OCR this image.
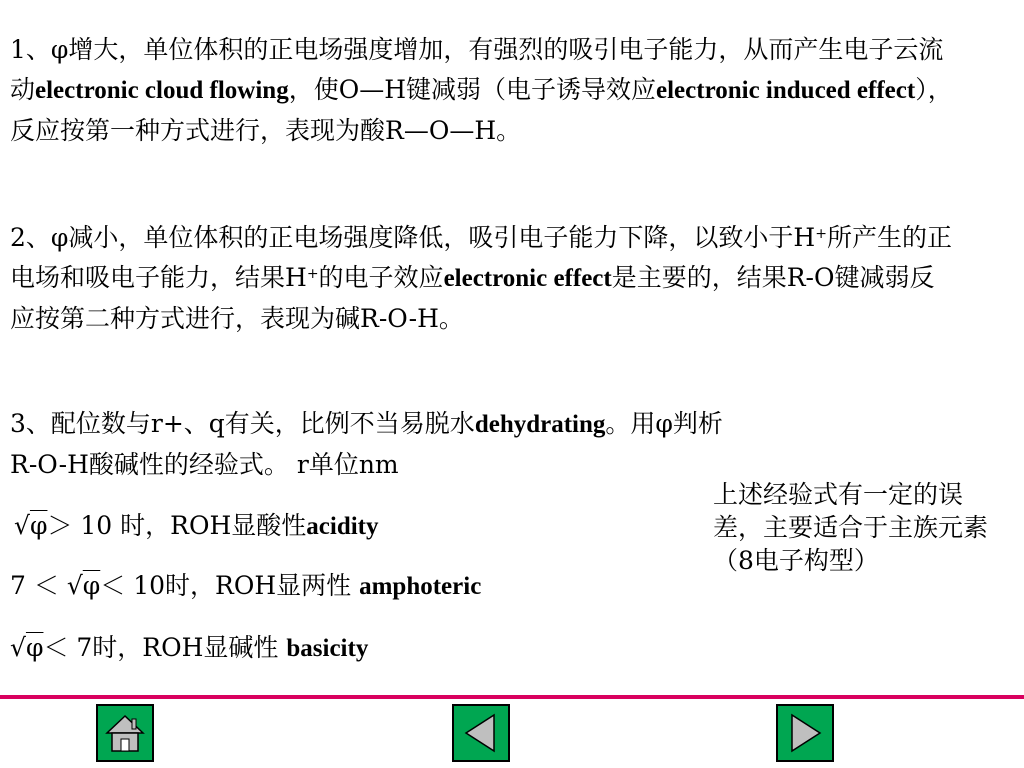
1、φ增大，单位体积的正电场强度增加，有强烈的吸引电子能力，从而产生电子云流动electronic cloud flowing，使O—H键减弱（电子诱导效应electronic induced effect），反应按第一种方式进行，表现为酸R—O—H。

2、φ减小，单位体积的正电场强度降低，吸引电子能力下降，以致小于H+所产生的正电场和吸电子能力，结果H+的电子效应electronic effect是主要的，结果R-O键减弱反应按第二种方式进行，表现为碱R-O-H。

3、配位数与r+、q有关，比例不当易脱水dehydrating。用φ判析
R-O-H酸碱性的经验式。 r单位nm

√φ＞ 10 时，ROH显酸性acidity

7 ＜ √φ＜ 10时，ROH显两性 amphoteric

√φ＜ 7时，ROH显碱性 basicity

上述经验式有一定的误差，主要适合于主族元素（8电子构型）
